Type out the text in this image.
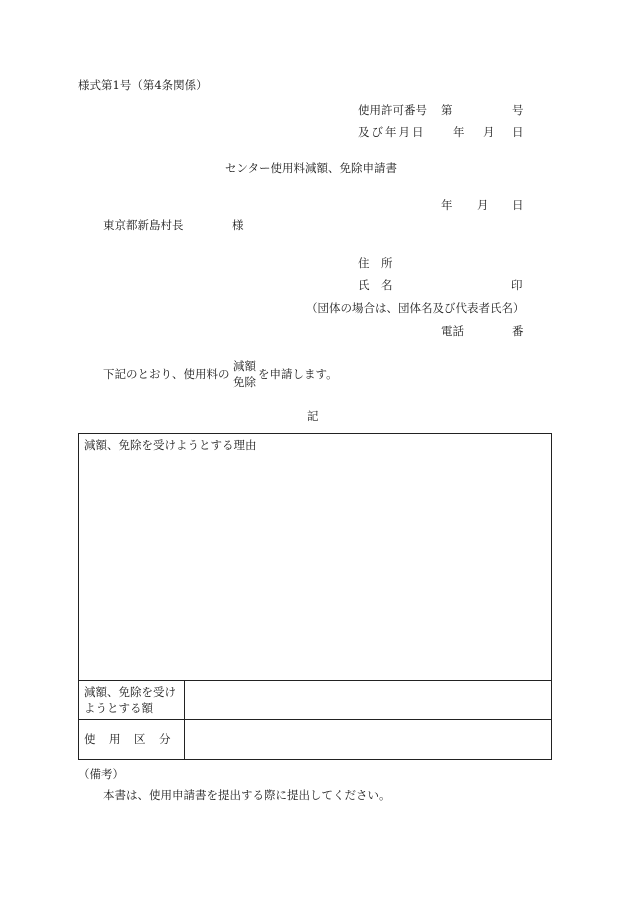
様式第1号（第4条関係）
使用許可番号 第	号
及び年月日 年 月 日
センター使用料減額、免除申請書
年 月 日
東京都新島村長	様
住　所
氏　名	印
（団体の場合は、団体名及び代表者氏名）
電話	番
下記のとおり、使用料の
減額
免除
を申請します。
記
減額、免除を受けようとする理由
減額、免除を受け
ようとする額
使　用　区　分
（備考）
本書は、使用申請書を提出する際に提出してください。
